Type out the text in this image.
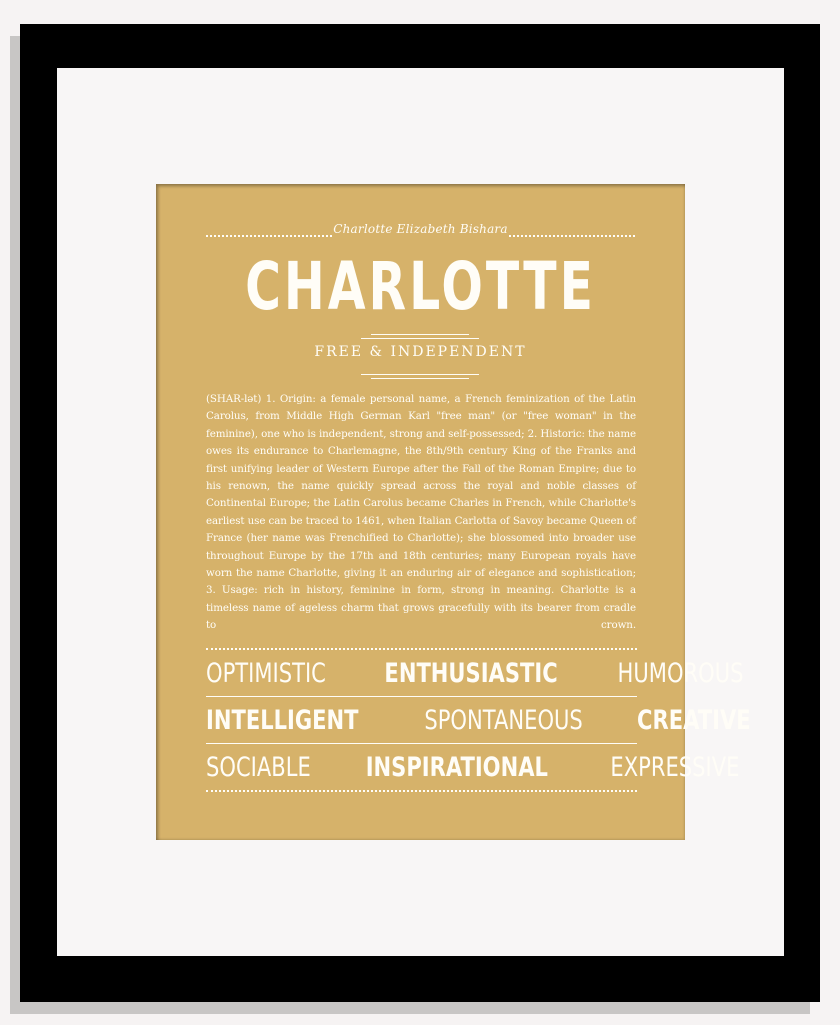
Charlotte Elizabeth Bishara
CHARLOTTE
FREE & INDEPENDENT
(SHAR-lət) 1. Origin: a female personal name, a French feminization of the Latin Carolus, from Middle High German Karl "free man" (or "free woman" in the feminine), one who is independent, strong and self-possessed; 2. Historic: the name owes its endurance to Charlemagne, the 8th/9th century King of the Franks and first unifying leader of Western Europe after the Fall of the Roman Empire; due to his renown, the name quickly spread across the royal and noble classes of Continental Europe; the Latin Carolus became Charles in French, while Charlotte's earliest use can be traced to 1461, when Italian Carlotta of Savoy became Queen of France (her name was Frenchified to Charlotte); she blossomed into broader use throughout Europe by the 17th and 18th centuries; many European royals have worn the name Charlotte, giving it an enduring air of elegance and sophistication; 3. Usage: rich in history, feminine in form, strong in meaning. Charlotte is a timeless name of ageless charm that grows gracefully with its bearer from cradle to crown.
OPTIMISTIC ENTHUSIASTIC HUMOROUS
INTELLIGENT SPONTANEOUS CREATIVE
SOCIABLE INSPIRATIONAL EXPRESSIVE
